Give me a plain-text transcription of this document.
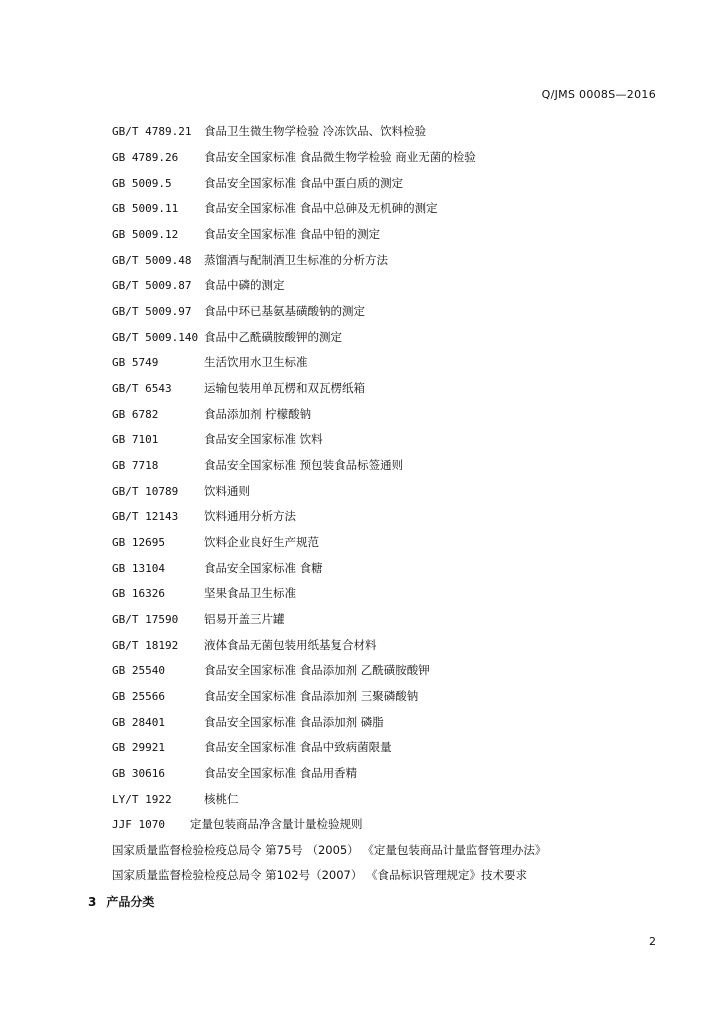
Q/JMS 0008S—2016
GB/T 4789.21 食品卫生微生物学检验 冷冻饮品、饮料检验
GB 4789.26 食品安全国家标准 食品微生物学检验 商业无菌的检验
GB 5009.5	食品安全国家标准 食品中蛋白质的测定
GB 5009.11 食品安全国家标准 食品中总砷及无机砷的测定
GB 5009.12 食品安全国家标准 食品中铅的测定
GB/T 5009.48 蒸馏酒与配制酒卫生标准的分析方法
GB/T 5009.87 食品中磷的测定
GB/T 5009.97 食品中环已基氨基磺酸钠的测定
GB/T 5009.140 食品中乙酰磺胺酸钾的测定
GB 5749	生活饮用水卫生标准
GB/T 6543	运输包装用单瓦楞和双瓦楞纸箱
GB 6782	食品添加剂 柠檬酸钠
GB 7101	食品安全国家标准 饮料
GB 7718	食品安全国家标准 预包装食品标签通则
GB/T 10789 饮料通则
GB/T 12143 饮料通用分析方法
GB 12695	饮料企业良好生产规范
GB 13104	食品安全国家标准 食糖
GB 16326	坚果食品卫生标准
GB/T 17590 铝易开盖三片罐
GB/T 18192 液体食品无菌包装用纸基复合材料
GB 25540	食品安全国家标准 食品添加剂 乙酰磺胺酸钾
GB 25566	食品安全国家标准 食品添加剂 三聚磷酸钠
GB 28401	食品安全国家标准 食品添加剂 磷脂
GB 29921	食品安全国家标准 食品中致病菌限量
GB 30616	食品安全国家标准 食品用香精
LY/T 1922	核桃仁
JJF 1070 定量包装商品净含量计量检验规则
国家质量监督检验检疫总局令 第75号 （2005） 《定量包装商品计量监督管理办法》
国家质量监督检验检疫总局令 第102号（2007） 《食品标识管理规定》技术要求
3 产品分类
2
